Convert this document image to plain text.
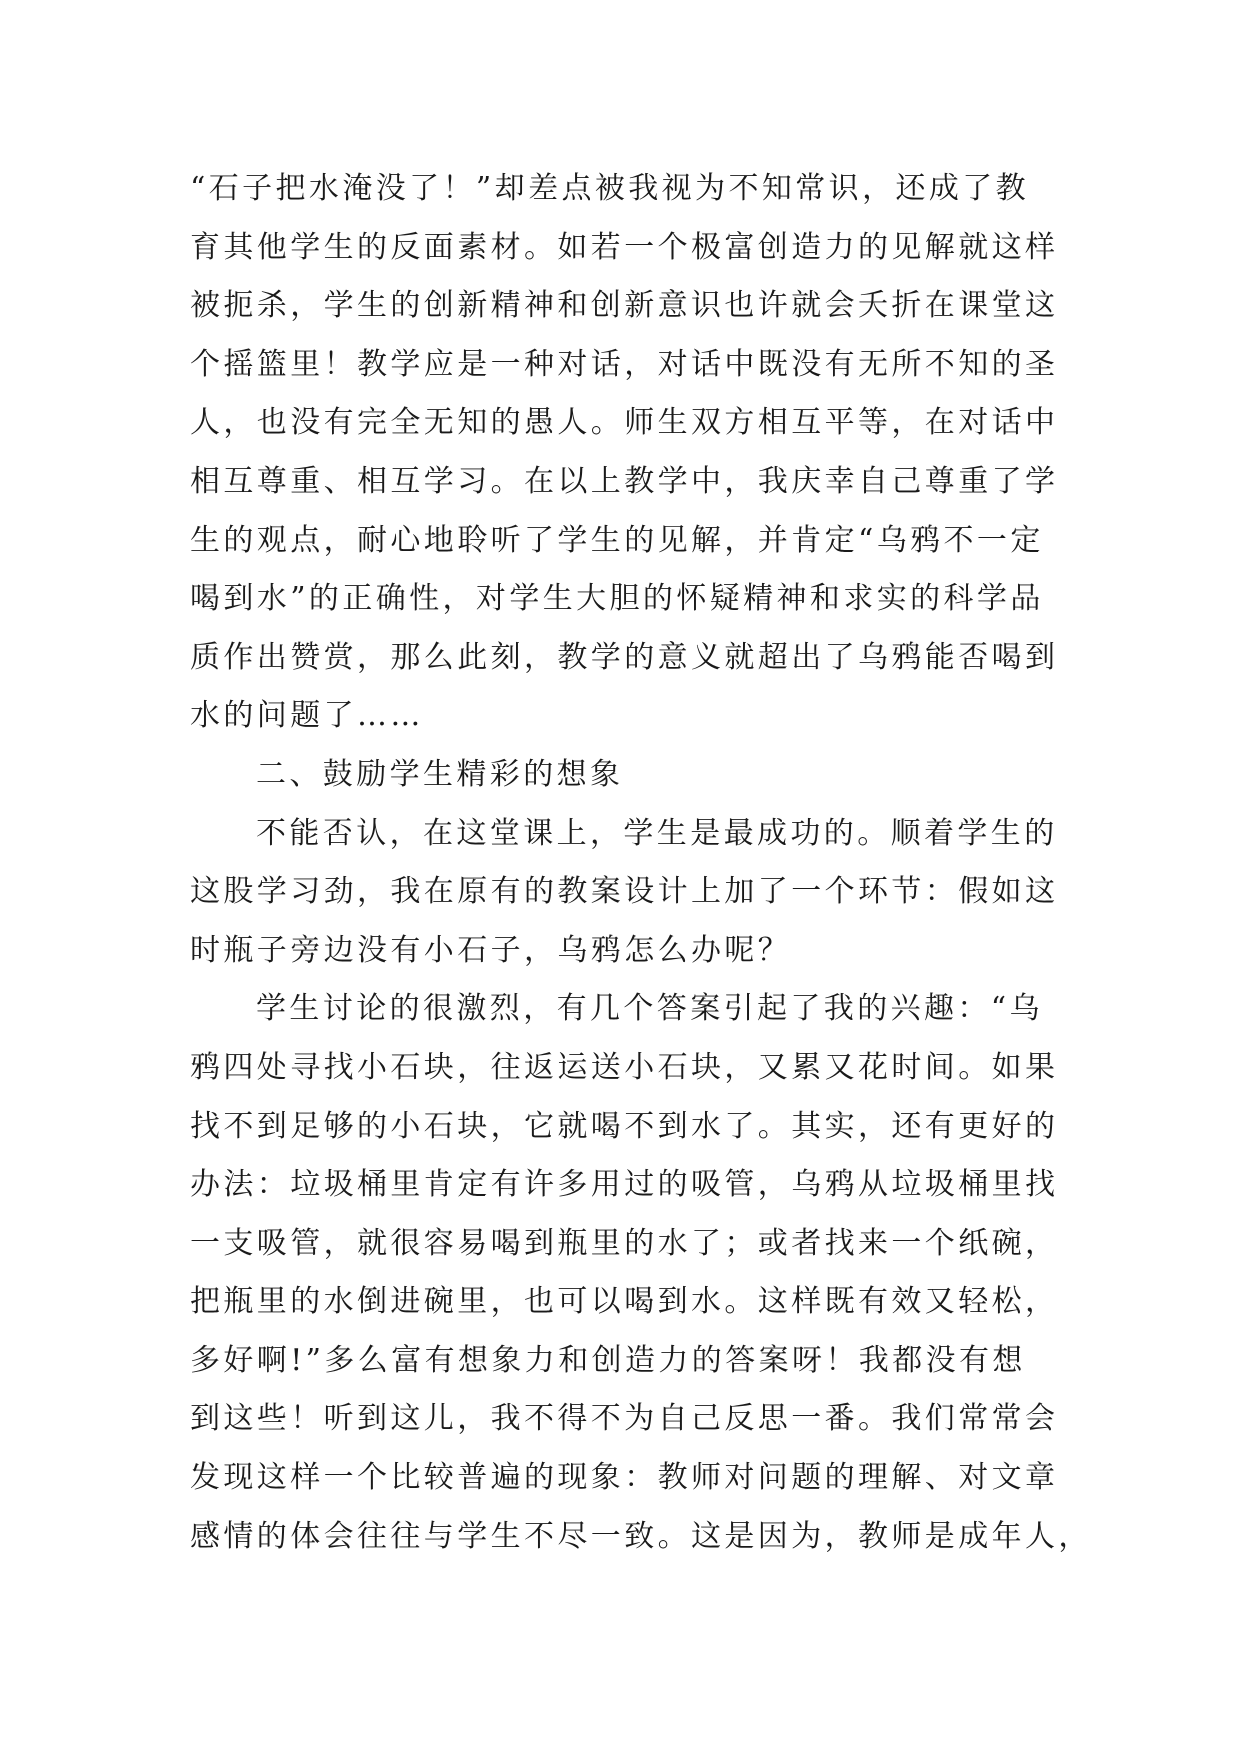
“石子把水淹没了！”却差点被我视为不知常识，还成了教
育其他学生的反面素材。如若一个极富创造力的见解就这样
被扼杀，学生的创新精神和创新意识也许就会夭折在课堂这
个摇篮里！教学应是一种对话，对话中既没有无所不知的圣
人，也没有完全无知的愚人。师生双方相互平等，在对话中
相互尊重、相互学习。在以上教学中，我庆幸自己尊重了学
生的观点，耐心地聆听了学生的见解，并肯定“乌鸦不一定
喝到水”的正确性，对学生大胆的怀疑精神和求实的科学品
质作出赞赏，那么此刻，教学的意义就超出了乌鸦能否喝到
水的问题了……
二、鼓励学生精彩的想象
不能否认，在这堂课上，学生是最成功的。顺着学生的
这股学习劲，我在原有的教案设计上加了一个环节：假如这
时瓶子旁边没有小石子，乌鸦怎么办呢？
学生讨论的很激烈，有几个答案引起了我的兴趣：“乌
鸦四处寻找小石块，往返运送小石块，又累又花时间。如果
找不到足够的小石块，它就喝不到水了。其实，还有更好的
办法：垃圾桶里肯定有许多用过的吸管，乌鸦从垃圾桶里找
一支吸管，就很容易喝到瓶里的水了；或者找来一个纸碗，
把瓶里的水倒进碗里，也可以喝到水。这样既有效又轻松，
多好啊!”多么富有想象力和创造力的答案呀！我都没有想
到这些！听到这儿，我不得不为自己反思一番。我们常常会
发现这样一个比较普遍的现象：教师对问题的理解、对文章
感情的体会往往与学生不尽一致。这是因为，教师是成年人，
